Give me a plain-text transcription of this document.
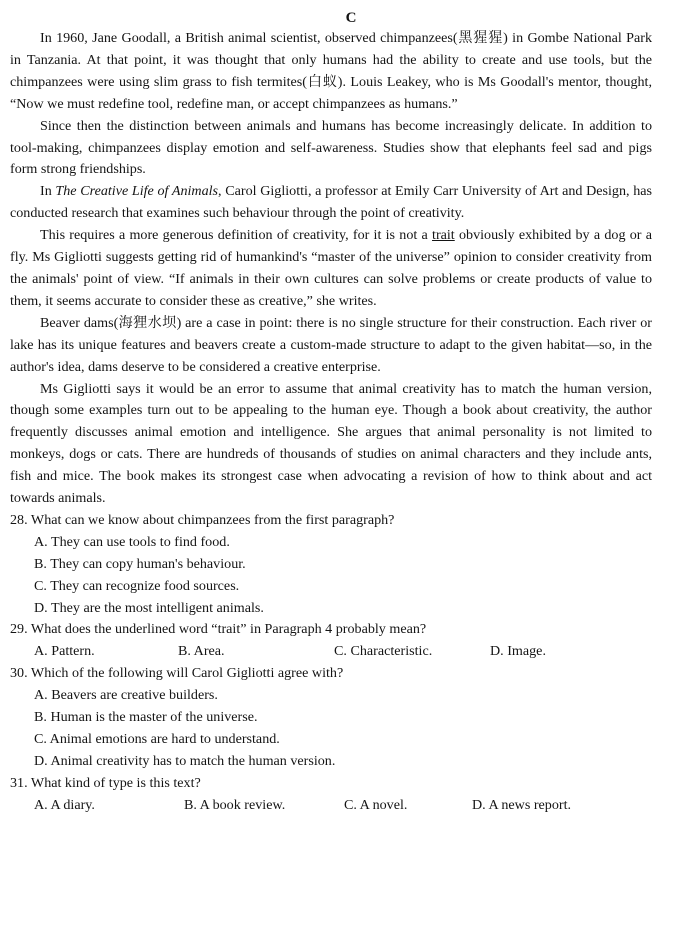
C

In 1960, Jane Goodall, a British animal scientist, observed chimpanzees(黑猩猩) in Gombe National Park in Tanzania. At that point, it was thought that only humans had the ability to create and use tools, but the chimpanzees were using slim grass to fish termites(白蚁). Louis Leakey, who is Ms Goodall's mentor, thought, “Now we must redefine tool, redefine man, or accept chimpanzees as humans.”

Since then the distinction between animals and humans has become increasingly delicate. In addition to tool-making, chimpanzees display emotion and self-awareness. Studies show that elephants feel sad and pigs form strong friendships.

In The Creative Life of Animals, Carol Gigliotti, a professor at Emily Carr University of Art and Design, has conducted research that examines such behaviour through the point of creativity.

This requires a more generous definition of creativity, for it is not a trait obviously exhibited by a dog or a fly. Ms Gigliotti suggests getting rid of humankind's “master of the universe” opinion to consider creativity from the animals' point of view. “If animals in their own cultures can solve problems or create products of value to them, it seems accurate to consider these as creative,” she writes.

Beaver dams(海狸水坝) are a case in point: there is no single structure for their construction. Each river or lake has its unique features and beavers create a custom-made structure to adapt to the given habitat—so, in the author's idea, dams deserve to be considered a creative enterprise.

Ms Gigliotti says it would be an error to assume that animal creativity has to match the human version, though some examples turn out to be appealing to the human eye. Though a book about creativity, the author frequently discusses animal emotion and intelligence. She argues that animal personality is not limited to monkeys, dogs or cats. There are hundreds of thousands of studies on animal characters and they include ants, fish and mice. The book makes its strongest case when advocating a revision of how to think about and act towards animals.

28. What can we know about chimpanzees from the first paragraph?

A. They can use tools to find food.

B. They can copy human's behaviour.

C. They can recognize food sources.

D. They are the most intelligent animals.

29. What does the underlined word “trait” in Paragraph 4 probably mean?

A. Pattern.	B. Area.	C. Characteristic.	D. Image.

30. Which of the following will Carol Gigliotti agree with?

A. Beavers are creative builders.

B. Human is the master of the universe.

C. Animal emotions are hard to understand.

D. Animal creativity has to match the human version.

31. What kind of type is this text?

A. A diary.	B. A book review.	C. A novel.	D. A news report.
